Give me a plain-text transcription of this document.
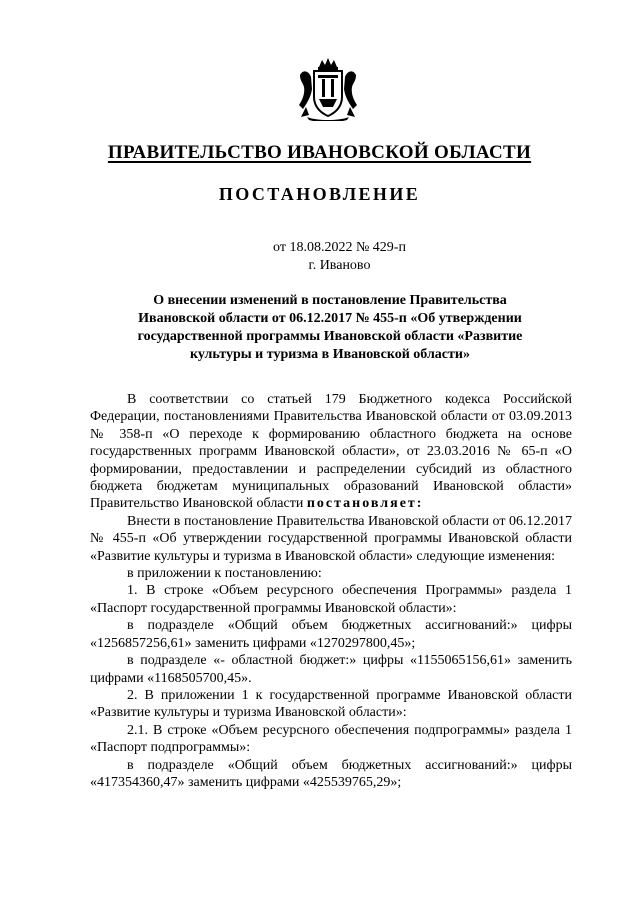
ПРАВИТЕЛЬСТВО ИВАНОВСКОЙ ОБЛАСТИ
ПОСТАНОВЛЕНИЕ
от 18.08.2022 № 429-п
г. Иваново
О внесении изменений в постановление Правительства
Ивановской области от 06.12.2017 № 455-п «Об утверждении
государственной программы Ивановской области «Развитие
культуры и туризма в Ивановской области»

В соответствии со статьей 179 Бюджетного кодекса Российской Федерации, постановлениями Правительства Ивановской области от 03.09.2013 № 358-п «О переходе к формированию областного бюджета на основе государственных программ Ивановской области», от 23.03.2016 № 65-п «О формировании, предоставлении и распределении субсидий из областного бюджета бюджетам муниципальных образований Ивановской области» Правительство Ивановской области постановляет:

Внести в постановление Правительства Ивановской области от 06.12.2017 № 455-п «Об утверждении государственной программы Ивановской области «Развитие культуры и туризма в Ивановской области» следующие изменения:

в приложении к постановлению:

1. В строке «Объем ресурсного обеспечения Программы» раздела 1 «Паспорт государственной программы Ивановской области»:

в подразделе «Общий объем бюджетных ассигнований:» цифры «1256857256,61» заменить цифрами «1270297800,45»;

в подразделе «- областной бюджет:» цифры «1155065156,61» заменить цифрами «1168505700,45».

2. В приложении 1 к государственной программе Ивановской области «Развитие культуры и туризма Ивановской области»:

2.1. В строке «Объем ресурсного обеспечения подпрограммы» раздела 1 «Паспорт подпрограммы»:

в подразделе «Общий объем бюджетных ассигнований:» цифры «417354360,47» заменить цифрами «425539765,29»;
